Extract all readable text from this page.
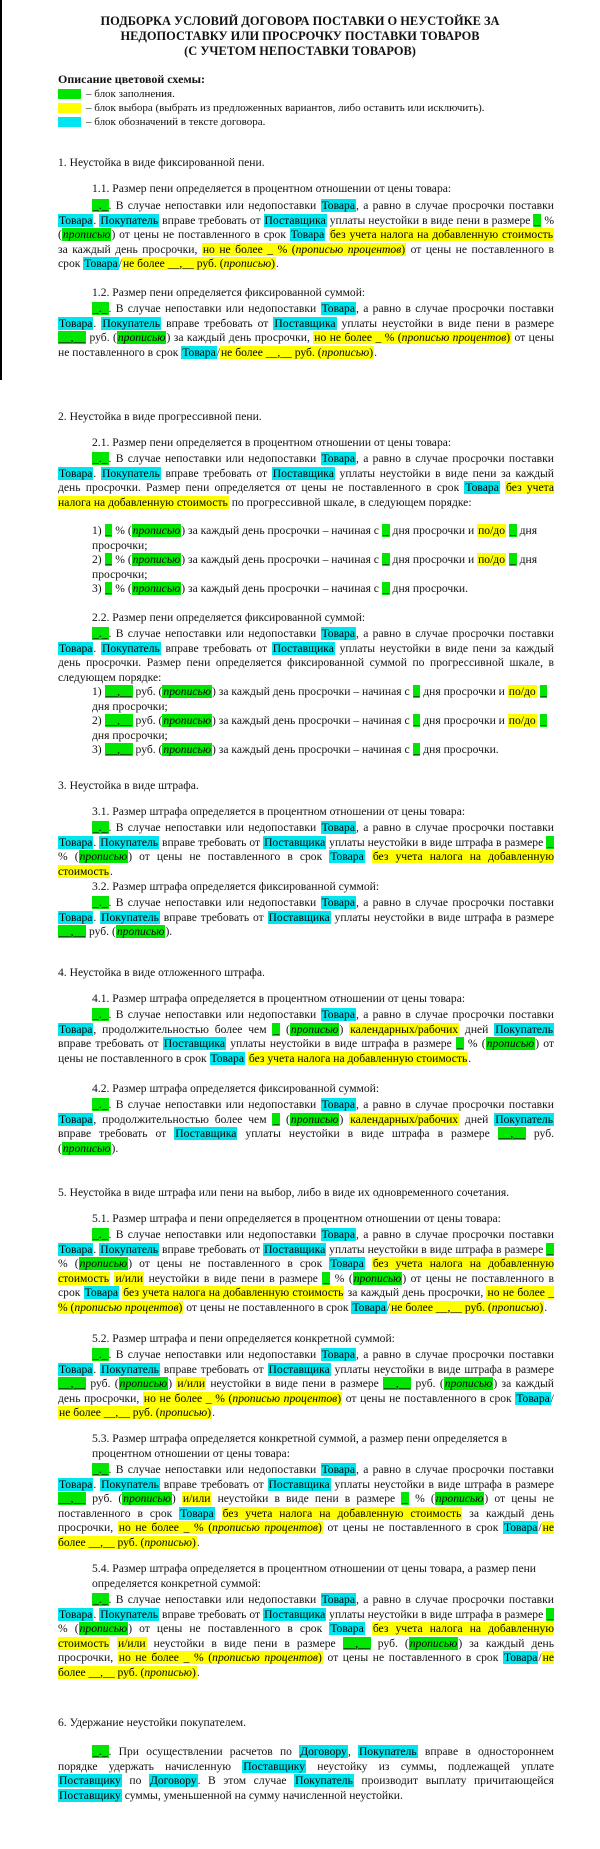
ПОДБОРКА УСЛОВИЙ ДОГОВОРА ПОСТАВКИ О НЕУСТОЙКЕ ЗА
НЕДОПОСТАВКУ ИЛИ ПРОСРОЧКУ ПОСТАВКИ ТОВАРОВ
(С УЧЕТОМ НЕПОСТАВКИ ТОВАРОВ)
Описание цветовой схемы:
– блок заполнения.
– блок выбора (выбрать из предложенных вариантов, либо оставить или исключить).
– блок обозначений в тексте договора.
1. Неустойка в виде фиксированной пени.
1.1. Размер пени определяется в процентном отношении от цены товара:
_._. В случае непоставки или недопоставки Товара, а равно в случае просрочки поставки Товара. Покупатель вправе требовать от Поставщика уплаты неустойки в виде пени в размере _ % (прописью) от цены не поставленного в срок Товара без учета налога на добавленную стоимость за каждый день просрочки, но не более _ % (прописью процентов) от цены не поставленного в срок Товара/не более __,__ руб. (прописью).
1.2. Размер пени определяется фиксированной суммой:
_._. В случае непоставки или недопоставки Товара, а равно в случае просрочки поставки Товара. Покупатель вправе требовать от Поставщика уплаты неустойки в виде пени в размере __,__ руб. (прописью) за каждый день просрочки, но не более _ % (прописью процентов) от цены не поставленного в срок Товара/не более __,__ руб. (прописью).
2. Неустойка в виде прогрессивной пени.
2.1. Размер пени определяется в процентном отношении от цены товара:
_._. В случае непоставки или недопоставки Товара, а равно в случае просрочки поставки Товара. Покупатель вправе требовать от Поставщика уплаты неустойки в виде пени за каждый день просрочки. Размер пени определяется от цены не поставленного в срок Товара без учета налога на добавленную стоимость по прогрессивной шкале, в следующем порядке:
1) _ % (прописью) за каждый день просрочки – начиная с _ дня просрочки и по/до _ дня просрочки;
2) _ % (прописью) за каждый день просрочки – начиная с _ дня просрочки и по/до _ дня просрочки;
3) _ % (прописью) за каждый день просрочки – начиная с _ дня просрочки.
2.2. Размер пени определяется фиксированной суммой:
_._. В случае непоставки или недопоставки Товара, а равно в случае просрочки поставки Товара. Покупатель вправе требовать от Поставщика уплаты неустойки в виде пени за каждый день просрочки. Размер пени определяется фиксированной суммой по прогрессивной шкале, в следующем порядке:
1) __,__ руб. (прописью) за каждый день просрочки – начиная с _ дня просрочки и по/до _ дня просрочки;
2) __,__ руб. (прописью) за каждый день просрочки – начиная с _ дня просрочки и по/до _ дня просрочки;
3) __,__ руб. (прописью) за каждый день просрочки – начиная с _ дня просрочки.
3. Неустойка в виде штрафа.
3.1. Размер штрафа определяется в процентном отношении от цены товара:
_._. В случае непоставки или недопоставки Товара, а равно в случае просрочки поставки Товара. Покупатель вправе требовать от Поставщика уплаты неустойки в виде штрафа в размере _ % (прописью) от цены не поставленного в срок Товара без учета налога на добавленную стоимость.
3.2. Размер штрафа определяется фиксированной суммой:
_._. В случае непоставки или недопоставки Товара, а равно в случае просрочки поставки Товара. Покупатель вправе требовать от Поставщика уплаты неустойки в виде штрафа в размере __,__ руб. (прописью).
4. Неустойка в виде отложенного штрафа.
4.1. Размер штрафа определяется в процентном отношении от цены товара:
_._. В случае непоставки или недопоставки Товара, а равно в случае просрочки поставки Товара, продолжительностью более чем _ (прописью) календарных/рабочих дней Покупатель вправе требовать от Поставщика уплаты неустойки в виде штрафа в размере _ % (прописью) от цены не поставленного в срок Товара без учета налога на добавленную стоимость.
4.2. Размер штрафа определяется фиксированной суммой:
_._. В случае непоставки или недопоставки Товара, а равно в случае просрочки поставки Товара, продолжительностью более чем _ (прописью) календарных/рабочих дней Покупатель вправе требовать от Поставщика уплаты неустойки в виде штрафа в размере __,__ руб. (прописью).
5. Неустойка в виде штрафа или пени на выбор, либо в виде их одновременного сочетания.
5.1. Размер штрафа и пени определяется в процентном отношении от цены товара:
_._. В случае непоставки или недопоставки Товара, а равно в случае просрочки поставки Товара. Покупатель вправе требовать от Поставщика уплаты неустойки в виде штрафа в размере _ % (прописью) от цены не поставленного в срок Товара без учета налога на добавленную стоимость и/или неустойки в виде пени в размере _ % (прописью) от цены не поставленного в срок Товара без учета налога на добавленную стоимость за каждый день просрочки, но не более _ % (прописью процентов) от цены не поставленного в срок Товара/не более __,__ руб. (прописью).
5.2. Размер штрафа и пени определяется конкретной суммой:
_._. В случае непоставки или недопоставки Товара, а равно в случае просрочки поставки Товара. Покупатель вправе требовать от Поставщика уплаты неустойки в виде штрафа в размере __,__ руб. (прописью) и/или неустойки в виде пени в размере __,__ руб. (прописью) за каждый день просрочки, но не более _ % (прописью процентов) от цены не поставленного в срок Товара/не более __,__ руб. (прописью).
5.3. Размер штрафа определяется конкретной суммой, а размер пени определяется в процентном отношении от цены товара:
_._. В случае непоставки или недопоставки Товара, а равно в случае просрочки поставки Товара. Покупатель вправе требовать от Поставщика уплаты неустойки в виде штрафа в размере __,__ руб. (прописью) и/или неустойки в виде пени в размере _ % (прописью) от цены не поставленного в срок Товара без учета налога на добавленную стоимость за каждый день просрочки, но не более _ % (прописью процентов) от цены не поставленного в срок Товара/не более __,__ руб. (прописью).
5.4. Размер штрафа определяется в процентном отношении от цены товара, а размер пени определяется конкретной суммой:
_._. В случае непоставки или недопоставки Товара, а равно в случае просрочки поставки Товара. Покупатель вправе требовать от Поставщика уплаты неустойки в виде штрафа в размере _ % (прописью) от цены не поставленного в срок Товара без учета налога на добавленную стоимость и/или неустойки в виде пени в размере __,__ руб. (прописью) за каждый день просрочки, но не более _ % (прописью процентов) от цены не поставленного в срок Товара/не более __,__ руб. (прописью).
6. Удержание неустойки покупателем.
_._. При осуществлении расчетов по Договору, Покупатель вправе в одностороннем порядке удержать начисленную Поставщику неустойку из суммы, подлежащей уплате Поставщику по Договору. В этом случае Покупатель производит выплату причитающейся Поставщику суммы, уменьшенной на сумму начисленной неустойки.
